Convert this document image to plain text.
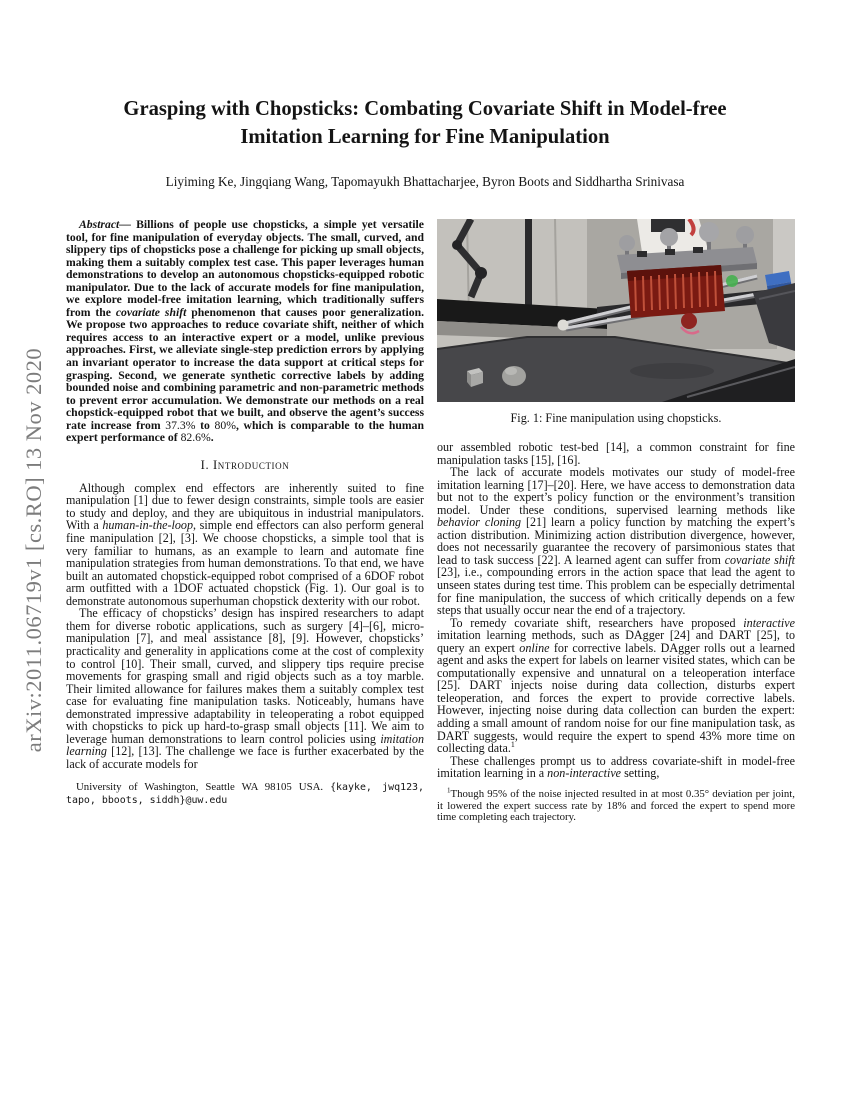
arXiv:2011.06719v1 [cs.RO] 13 Nov 2020
Grasping with Chopsticks: Combating Covariate Shift in Model-free
Imitation Learning for Fine Manipulation
Liyiming Ke, Jingqiang Wang, Tapomayukh Bhattacharjee, Byron Boots and Siddhartha Srinivasa

Abstract— Billions of people use chopsticks, a simple yet versatile tool, for fine manipulation of everyday objects. The small, curved, and slippery tips of chopsticks pose a challenge for picking up small objects, making them a suitably complex test case. This paper leverages human demonstrations to develop an autonomous chopsticks-equipped robotic manipulator. Due to the lack of accurate models for fine manipulation, we explore model-free imitation learning, which traditionally suffers from the covariate shift phenomenon that causes poor generalization. We propose two approaches to reduce covariate shift, neither of which requires access to an interactive expert or a model, unlike previous approaches. First, we alleviate single-step prediction errors by applying an invariant operator to increase the data support at critical steps for grasping. Second, we generate synthetic corrective labels by adding bounded noise and combining parametric and non-parametric methods to prevent error accumulation. We demonstrate our methods on a real chopstick-equipped robot that we built, and observe the agent’s success rate increase from 37.3% to 80%, which is comparable to the human expert performance of 82.6%.

I. Introduction

Although complex end effectors are inherently suited to fine manipulation [1] due to fewer design constraints, simple tools are easier to study and deploy, and they are ubiquitous in industrial manipulators. With a human-in-the-loop, simple end effectors can also perform general fine manipulation [2], [3]. We choose chopsticks, a simple tool that is very familiar to humans, as an example to learn and automate fine manipulation strategies from human demonstrations. To that end, we have built an automated chopstick-equipped robot comprised of a 6DOF robot arm outfitted with a 1DOF actuated chopstick (Fig. 1). Our goal is to demonstrate autonomous superhuman chopstick dexterity with our robot.

The efficacy of chopsticks’ design has inspired researchers to adapt them for diverse robotic applications, such as surgery [4]–[6], micro-manipulation [7], and meal assistance [8], [9]. However, chopsticks’ practicality and generality in applications come at the cost of complexity to control [10]. Their small, curved, and slippery tips require precise movements for grasping small and rigid objects such as a toy marble. Their limited allowance for failures makes them a suitably complex test case for evaluating fine manipulation tasks. Noticeably, humans have demonstrated impressive adaptability in teleoperating a robot equipped with chopsticks to pick up hard-to-grasp small objects [11]. We aim to leverage human demonstrations to learn control policies using imitation learning [12], [13]. The challenge we face is further exacerbated by the lack of accurate models for

University of Washington, Seattle WA 98105 USA. {kayke, jwq123, tapo, bboots, siddh}@uw.edu
Fig. 1: Fine manipulation using chopsticks.

our assembled robotic test-bed [14], a common constraint for fine manipulation tasks [15], [16].

The lack of accurate models motivates our study of model-free imitation learning [17]–[20]. Here, we have access to demonstration data but not to the expert’s policy function or the environment’s transition model. Under these conditions, supervised learning methods like behavior cloning [21] learn a policy function by matching the expert’s action distribution. Minimizing action distribution divergence, however, does not necessarily guarantee the recovery of parsimonious states that lead to task success [22]. A learned agent can suffer from covariate shift [23], i.e., compounding errors in the action space that lead the agent to unseen states during test time. This problem can be especially detrimental for fine manipulation, the success of which critically depends on a few steps that usually occur near the end of a trajectory.

To remedy covariate shift, researchers have proposed interactive imitation learning methods, such as DAgger [24] and DART [25], to query an expert online for corrective labels. DAgger rolls out a learned agent and asks the expert for labels on learner visited states, which can be computationally expensive and unnatural on a teleoperation interface [25]. DART injects noise during data collection, disturbs expert teleoperation, and forces the expert to provide corrective labels. However, injecting noise during data collection can burden the expert: adding a small amount of random noise for our fine manipulation task, as DART suggests, would require the expert to spend 43% more time on collecting data.$^1$

These challenges prompt us to address covariate-shift in model-free imitation learning in a non-interactive setting,

$^1$Though 95% of the noise injected resulted in at most 0.35° deviation per joint, it lowered the expert success rate by 18% and forced the expert to spend more time completing each trajectory.
